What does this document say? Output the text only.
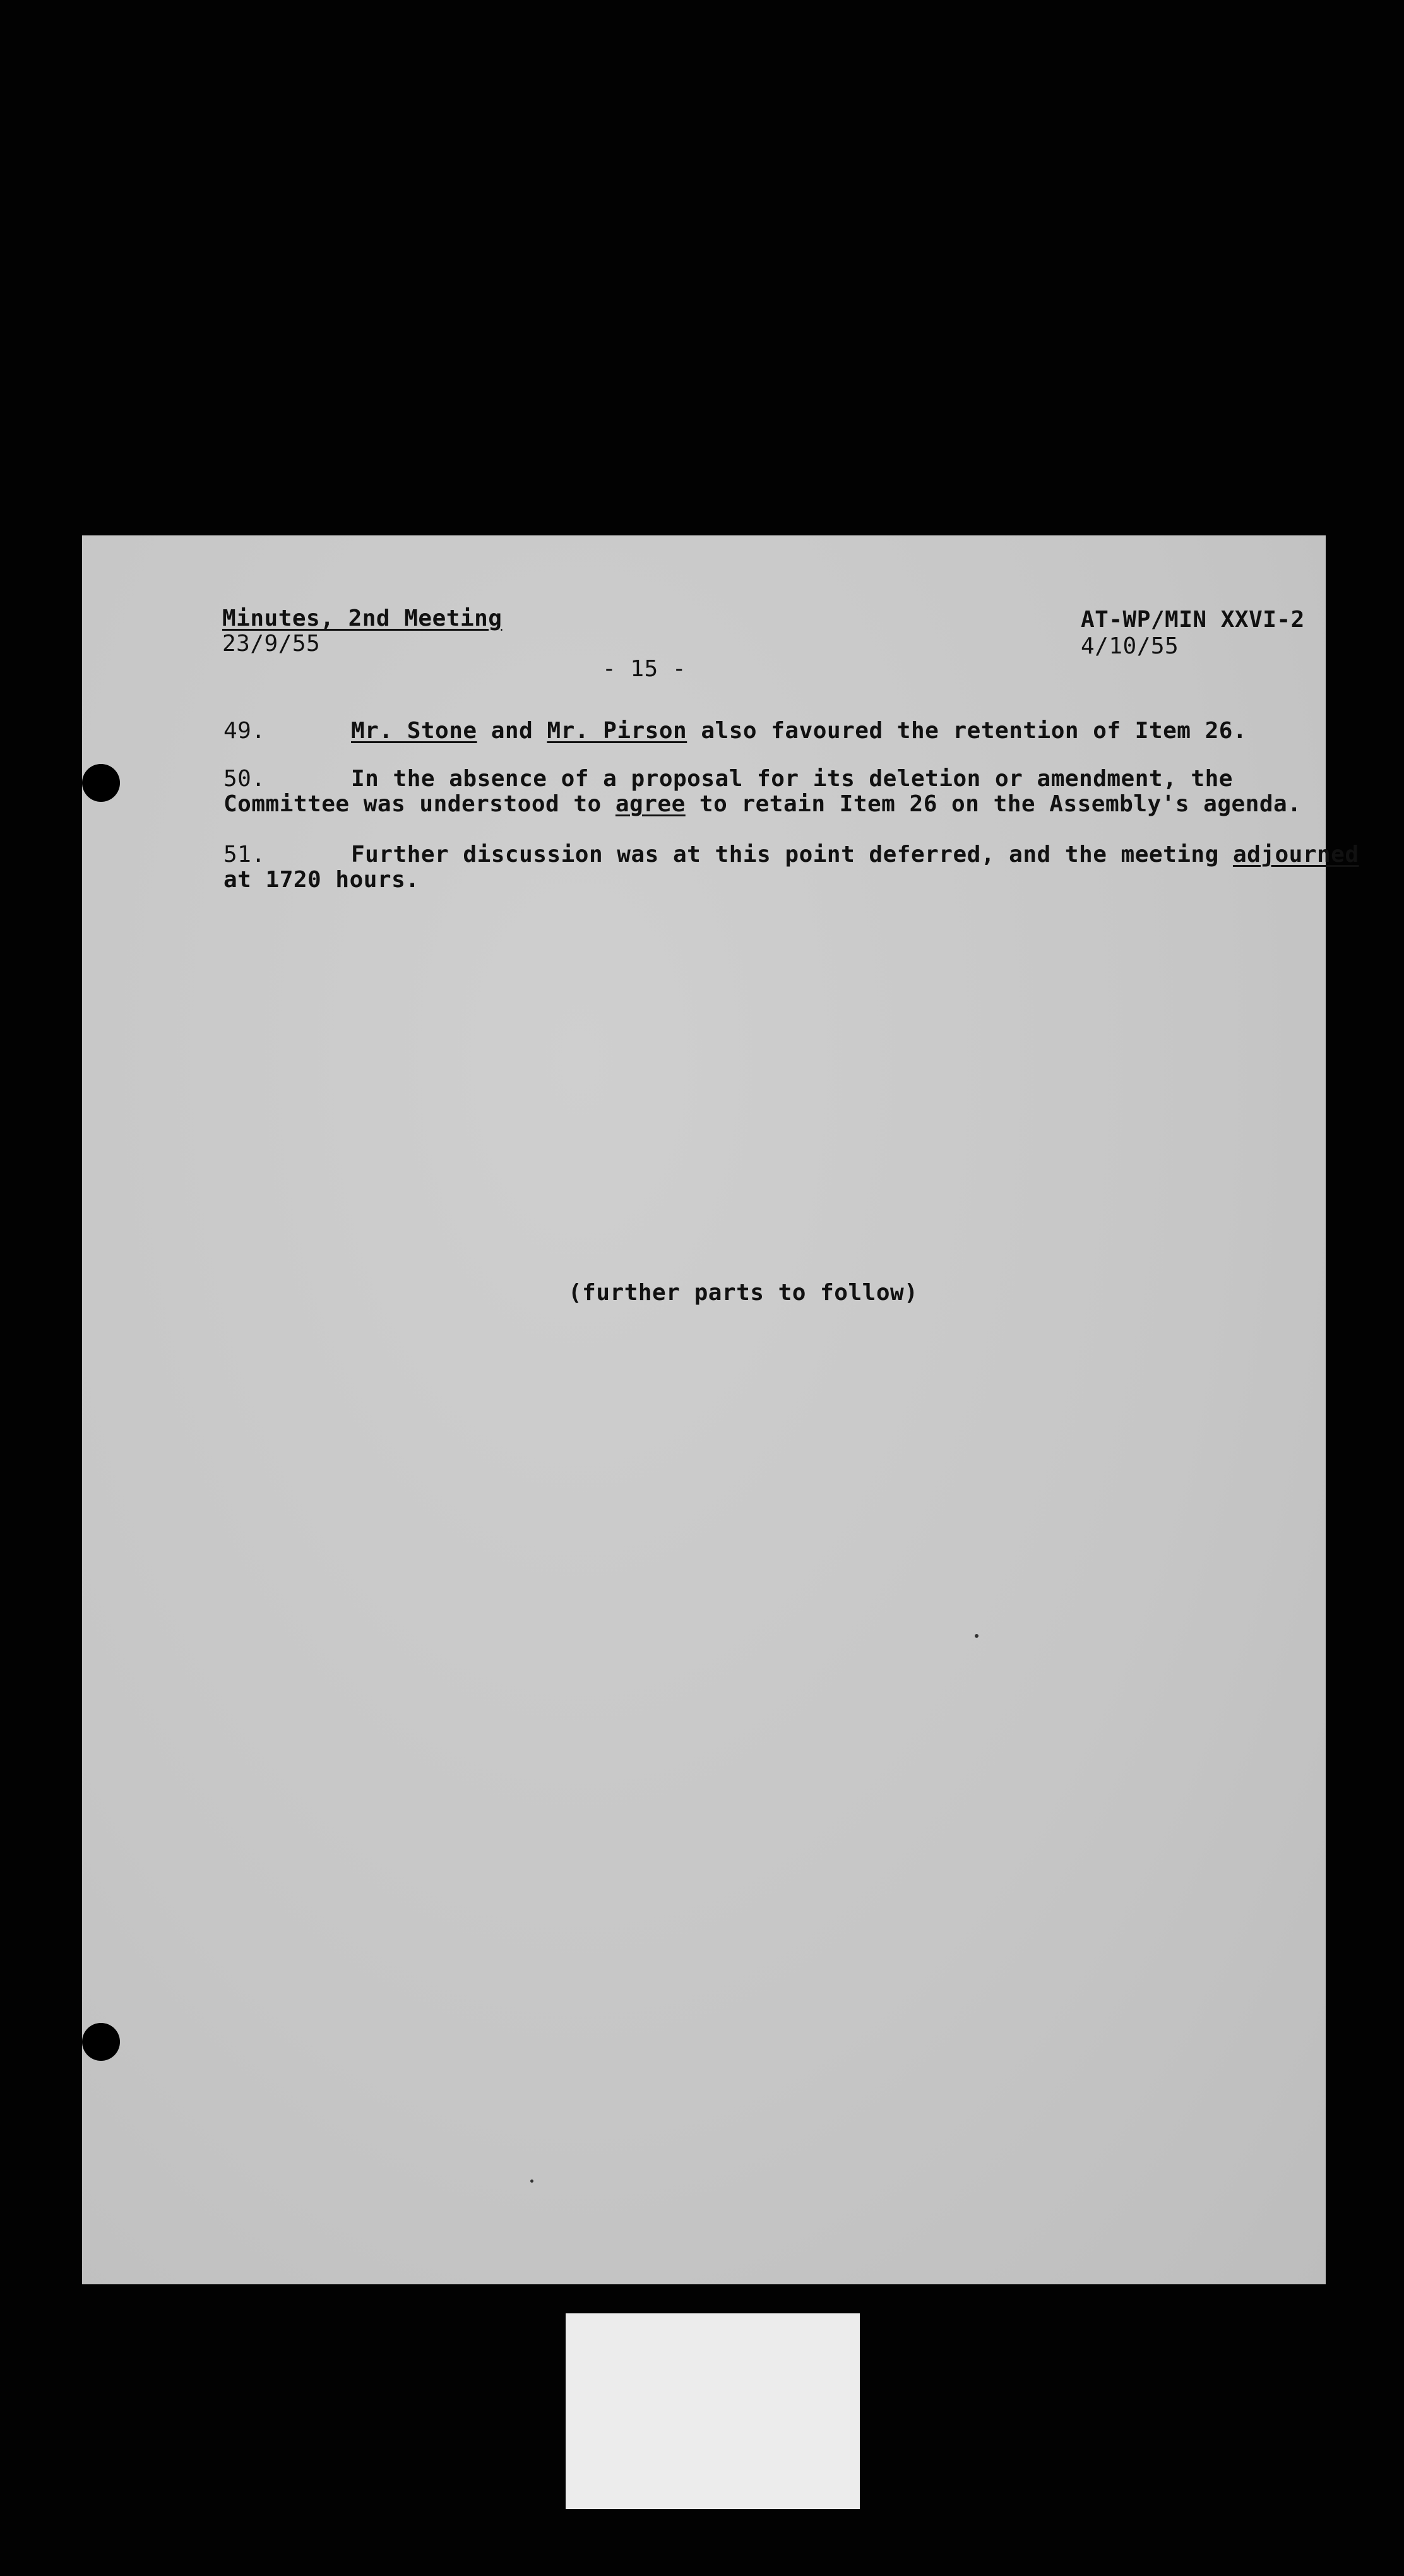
Minutes, 2nd Meeting
23/9/55
AT-WP/MIN XXVI-2
4/10/55
- 15 -
49.	Mr. Stone and Mr. Pirson also favoured the retention of Item 26.
50.	In the absence of a proposal for its deletion or amendment, the
Committee was understood to agree to retain Item 26 on the Assembly's agenda.
51.	Further discussion was at this point deferred, and the meeting adjourned
at 1720 hours.
(further parts to follow)
